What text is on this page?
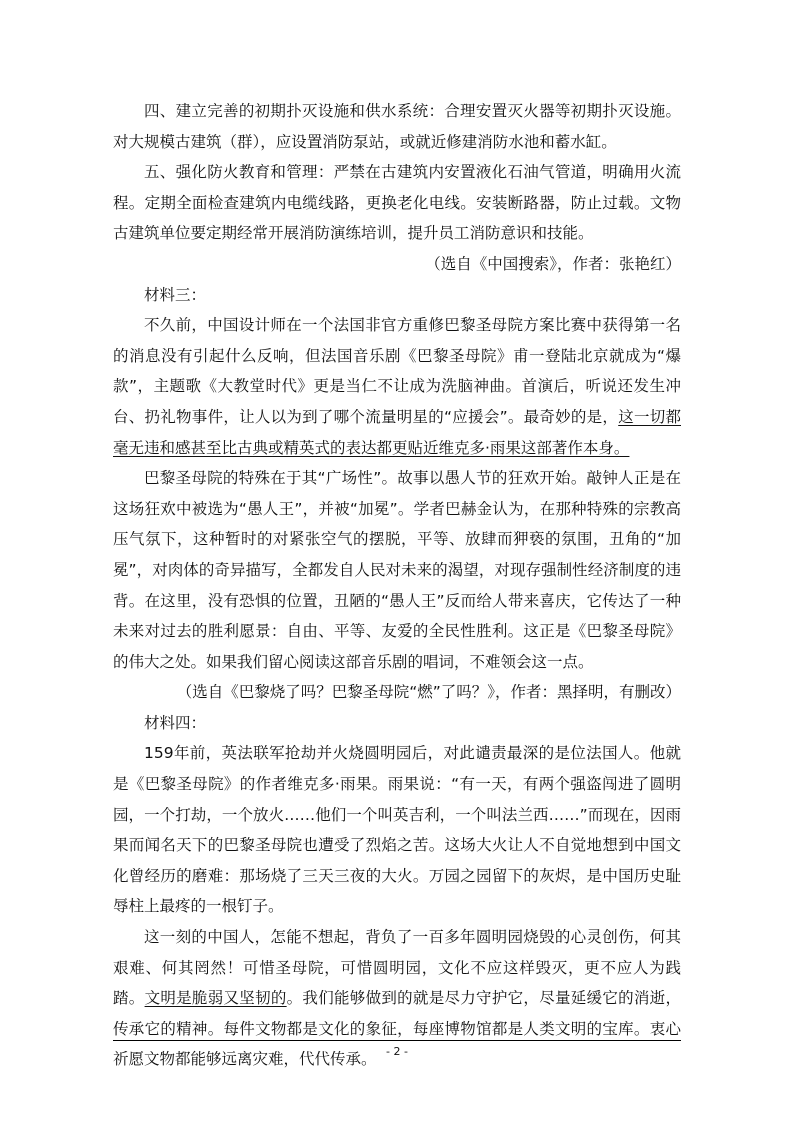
四、建立完善的初期扑灭设施和供水系统：合理安置灭火器等初期扑灭设施。对大规模古建筑（群），应设置消防泵站，或就近修建消防水池和蓄水缸。

五、强化防火教育和管理：严禁在古建筑内安置液化石油气管道，明确用火流程。定期全面检查建筑内电缆线路，更换老化电线。安装断路器，防止过载。文物古建筑单位要定期经常开展消防演练培训，提升员工消防意识和技能。

（选自《中国搜索》，作者：张艳红）

材料三：

不久前，中国设计师在一个法国非官方重修巴黎圣母院方案比赛中获得第一名的消息没有引起什么反响，但法国音乐剧《巴黎圣母院》甫一登陆北京就成为“爆款”，主题歌《大教堂时代》更是当仁不让成为洗脑神曲。首演后，听说还发生冲台、扔礼物事件，让人以为到了哪个流量明星的“应援会”。最奇妙的是，这一切都毫无违和感甚至比古典或精英式的表达都更贴近维克多·雨果这部著作本身。

巴黎圣母院的特殊在于其“广场性”。故事以愚人节的狂欢开始。敲钟人正是在这场狂欢中被选为“愚人王”，并被“加冕”。学者巴赫金认为，在那种特殊的宗教高压气氛下，这种暂时的对紧张空气的摆脱，平等、放肆而狎亵的氛围，丑角的“加冕”，对肉体的奇异描写，全都发自人民对未来的渴望，对现存强制性经济制度的违背。在这里，没有恐惧的位置，丑陋的“愚人王”反而给人带来喜庆，它传达了一种未来对过去的胜利愿景：自由、平等、友爱的全民性胜利。这正是《巴黎圣母院》的伟大之处。如果我们留心阅读这部音乐剧的唱词，不难领会这一点。

（选自《巴黎烧了吗？巴黎圣母院“燃”了吗？》，作者：黑择明，有删改）

材料四：

159年前，英法联军抢劫并火烧圆明园后，对此谴责最深的是位法国人。他就是《巴黎圣母院》的作者维克多·雨果。雨果说：“有一天，有两个强盗闯进了圆明园，一个打劫，一个放火……他们一个叫英吉利，一个叫法兰西……”而现在，因雨果而闻名天下的巴黎圣母院也遭受了烈焰之苦。这场大火让人不自觉地想到中国文化曾经历的磨难：那场烧了三天三夜的大火。万园之园留下的灰烬，是中国历史耻辱柱上最疼的一根钉子。

这一刻的中国人，怎能不想起，背负了一百多年圆明园烧毁的心灵创伤，何其艰难、何其罔然！可惜圣母院，可惜圆明园，文化不应这样毁灭，更不应人为践踏。文明是脆弱又坚韧的。我们能够做到的就是尽力守护它，尽量延缓它的消逝，传承它的精神。每件文物都是文化的象征，每座博物馆都是人类文明的宝库。衷心祈愿文物都能够远离灾难，代代传承。 - 2 -
